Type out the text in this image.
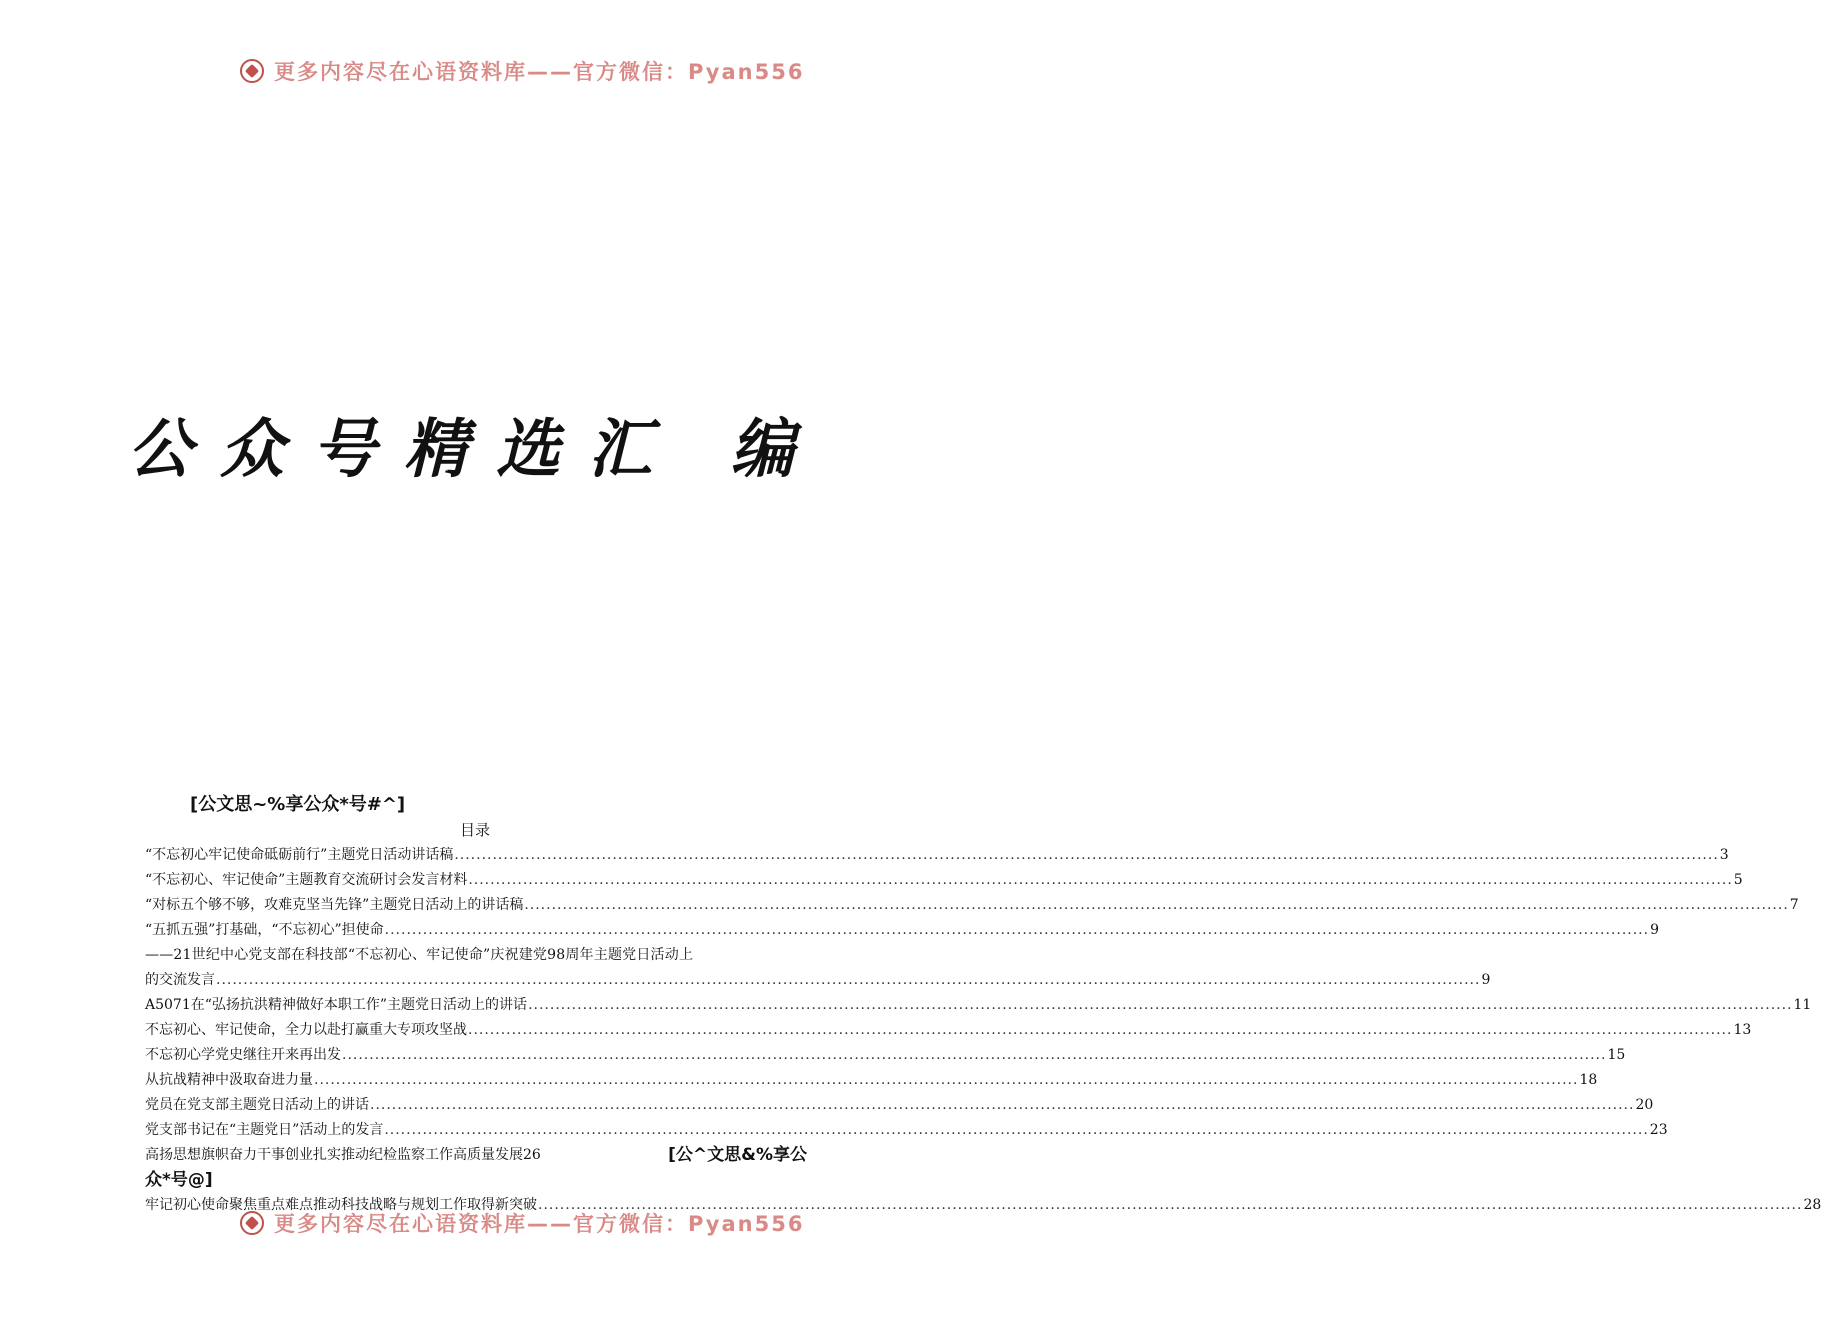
更多内容尽在心语资料库——官方微信：Pyan556
公众号精选汇 编
[公文思~%享公众*号#^]
目录
“不忘初心牢记使命砥砺前行”主题党日活动讲话稿 .....	3
“不忘初心、牢记使命”主题教育交流研讨会发言材料 .....	5
“对标五个够不够，攻难克坚当先锋”主题党日活动上的讲话稿 .....	7
“五抓五强”打基础，“不忘初心”担使命 .....	9
——21世纪中心党支部在科技部“不忘初心、牢记使命”庆祝建党98周年主题党日活动上
的交流发言 .....	9
A5071在“弘扬抗洪精神做好本职工作”主题党日活动上的讲话 .....	11
不忘初心、牢记使命，全力以赴打赢重大专项攻坚战 .....	13
不忘初心学党史继往开来再出发 .....	15
从抗战精神中汲取奋进力量 .....	18
党员在党支部主题党日活动上的讲话 .....	20
党支部书记在“主题党日”活动上的发言 .....	23
高扬思想旗帜奋力干事创业扎实推动纪检监察工作高质量发展26	[公^文思&%享公
众*号@]
牢记初心使命聚焦重点难点推动科技战略与规划工作取得新突破 .....	28
更多内容尽在心语资料库——官方微信：Pyan556
